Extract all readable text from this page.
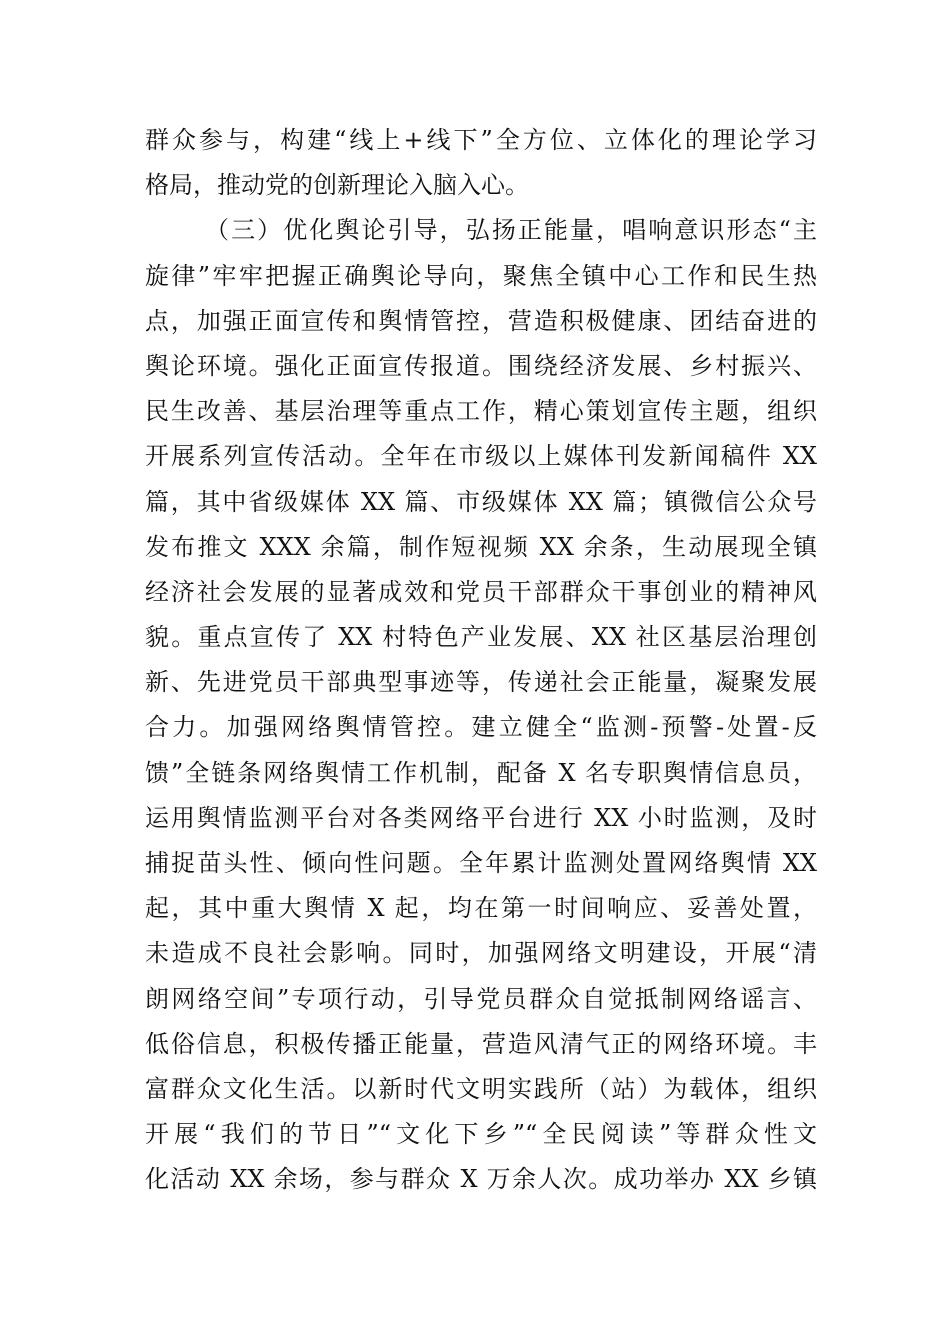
群众参与，构建“线上+线下”全方位、立体化的理论学习
格局，推动党的创新理论入脑入心。
（三）优化舆论引导，弘扬正能量，唱响意识形态“主
旋律”牢牢把握正确舆论导向，聚焦全镇中心工作和民生热
点，加强正面宣传和舆情管控，营造积极健康、团结奋进的
舆论环境。强化正面宣传报道。围绕经济发展、乡村振兴、
民生改善、基层治理等重点工作，精心策划宣传主题，组织
开展系列宣传活动。全年在市级以上媒体刊发新闻稿件 XX
篇，其中省级媒体 XX 篇、市级媒体 XX 篇；镇微信公众号
发布推文 XXX 余篇，制作短视频 XX 余条，生动展现全镇
经济社会发展的显著成效和党员干部群众干事创业的精神风
貌。重点宣传了 XX 村特色产业发展、XX 社区基层治理创
新、先进党员干部典型事迹等，传递社会正能量，凝聚发展
合力。加强网络舆情管控。建立健全“监测-预警-处置-反
馈”全链条网络舆情工作机制，配备 X 名专职舆情信息员，
运用舆情监测平台对各类网络平台进行 XX 小时监测，及时
捕捉苗头性、倾向性问题。全年累计监测处置网络舆情 XX
起，其中重大舆情 X 起，均在第一时间响应、妥善处置，
未造成不良社会影响。同时，加强网络文明建设，开展“清
朗网络空间”专项行动，引导党员群众自觉抵制网络谣言、
低俗信息，积极传播正能量，营造风清气正的网络环境。丰
富群众文化生活。以新时代文明实践所（站）为载体，组织
开展“我们的节日”“文化下乡”“全民阅读”等群众性文
化活动 XX 余场，参与群众 X 万余人次。成功举办 XX 乡镇
